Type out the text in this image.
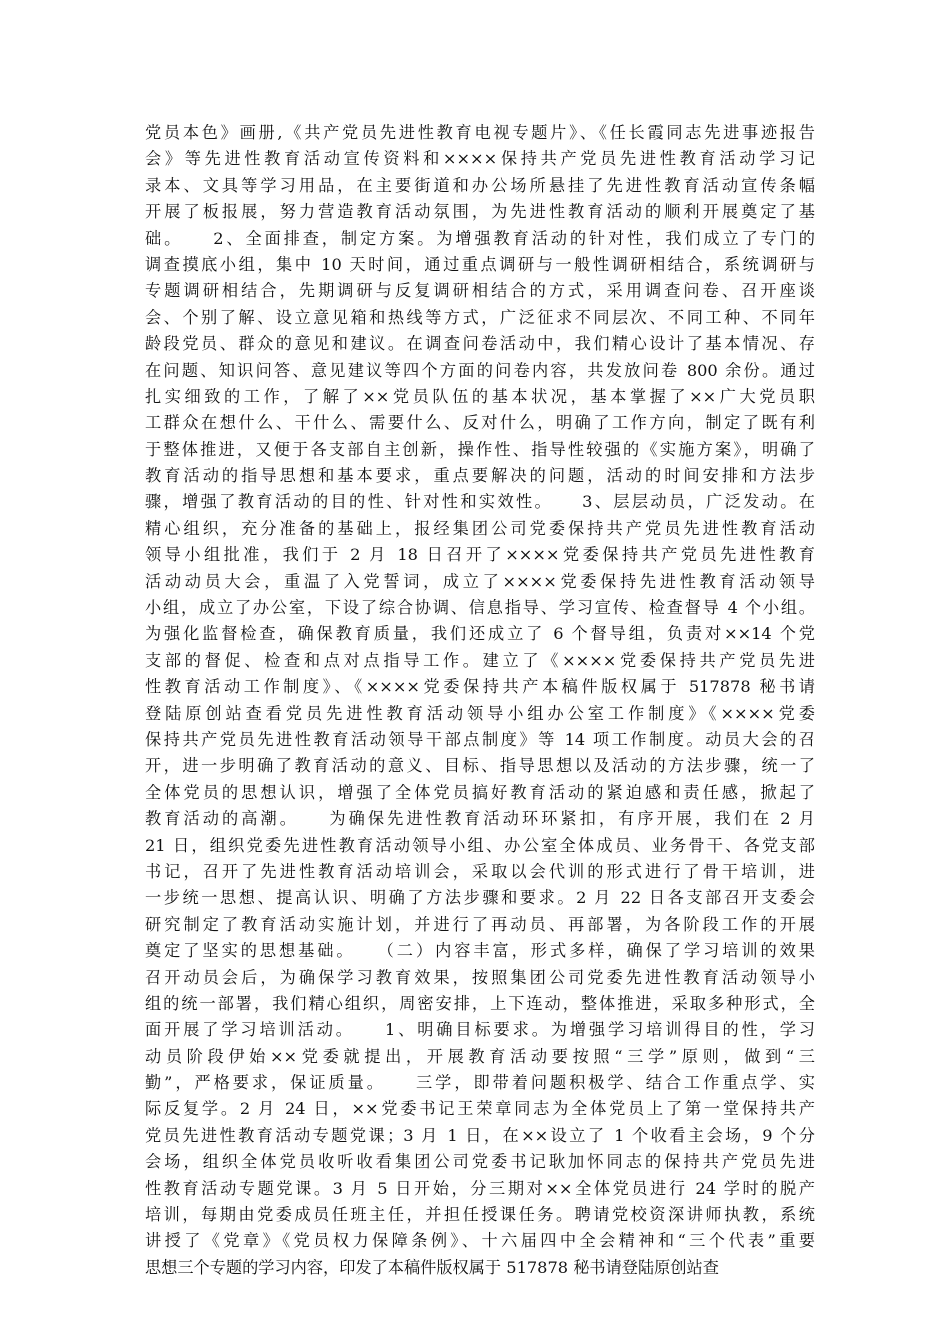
党员本色》画册,《共产党员先进性教育电视专题片》、《任长霞同志先进事迹报告
会》等先进性教育活动宣传资料和××××保持共产党员先进性教育活动学习记
录本、文具等学习用品，在主要街道和办公场所悬挂了先进性教育活动宣传条幅
开展了板报展，努力营造教育活动氛围，为先进性教育活动的顺利开展奠定了基
础。　　2、全面排查，制定方案。为增强教育活动的针对性，我们成立了专门的
调查摸底小组，集中 10 天时间，通过重点调研与一般性调研相结合，系统调研与
专题调研相结合，先期调研与反复调研相结合的方式，采用调查问卷、召开座谈
会、个别了解、设立意见箱和热线等方式，广泛征求不同层次、不同工种、不同年
龄段党员、群众的意见和建议。在调查问卷活动中，我们精心设计了基本情况、存
在问题、知识问答、意见建议等四个方面的问卷内容，共发放问卷 800 余份。通过
扎实细致的工作，了解了××党员队伍的基本状况，基本掌握了××广大党员职
工群众在想什么、干什么、需要什么、反对什么，明确了工作方向，制定了既有利
于整体推进，又便于各支部自主创新，操作性、指导性较强的《实施方案》，明确了
教育活动的指导思想和基本要求，重点要解决的问题，活动的时间安排和方法步
骤，增强了教育活动的目的性、针对性和实效性。　　3、层层动员，广泛发动。在
精心组织，充分准备的基础上，报经集团公司党委保持共产党员先进性教育活动
领导小组批准，我们于 2 月 18 日召开了××××党委保持共产党员先进性教育
活动动员大会，重温了入党誓词，成立了××××党委保持先进性教育活动领导
小组，成立了办公室，下设了综合协调、信息指导、学习宣传、检查督导 4 个小组。
为强化监督检查，确保教育质量，我们还成立了 6 个督导组，负责对××14 个党
支部的督促、检查和点对点指导工作。建立了《××××党委保持共产党员先进
性教育活动工作制度》、《××××党委保持共产本稿件版权属于 517878 秘书请
登陆原创站查看党员先进性教育活动领导小组办公室工作制度》《××××党委
保持共产党员先进性教育活动领导干部点制度》等 14 项工作制度。动员大会的召
开，进一步明确了教育活动的意义、目标、指导思想以及活动的方法步骤，统一了
全体党员的思想认识，增强了全体党员搞好教育活动的紧迫感和责任感，掀起了
教育活动的高潮。　　为确保先进性教育活动环环紧扣，有序开展，我们在 2 月
21 日，组织党委先进性教育活动领导小组、办公室全体成员、业务骨干、各党支部
书记，召开了先进性教育活动培训会，采取以会代训的形式进行了骨干培训，进
一步统一思想、提高认识、明确了方法步骤和要求。2 月 22 日各支部召开支委会
研究制定了教育活动实施计划，并进行了再动员、再部署，为各阶段工作的开展
奠定了坚实的思想基础。　　（二）内容丰富，形式多样，确保了学习培训的效果
召开动员会后，为确保学习教育效果，按照集团公司党委先进性教育活动领导小
组的统一部署，我们精心组织，周密安排，上下连动，整体推进，采取多种形式，全
面开展了学习培训活动。　　1、明确目标要求。为增强学习培训得目的性，学习
动员阶段伊始××党委就提出，开展教育活动要按照“三学”原则，做到“三
勤”，严格要求，保证质量。　　三学，即带着问题积极学、结合工作重点学、实
际反复学。2 月 24 日，××党委书记王荣章同志为全体党员上了第一堂保持共产
党员先进性教育活动专题党课；3 月 1 日，在××设立了 1 个收看主会场，9 个分
会场，组织全体党员收听收看集团公司党委书记耿加怀同志的保持共产党员先进
性教育活动专题党课。3 月 5 日开始，分三期对××全体党员进行 24 学时的脱产
培训，每期由党委成员任班主任，并担任授课任务。聘请党校资深讲师执教，系统
讲授了《党章》《党员权力保障条例》、十六届四中全会精神和“三个代表”重要
思想三个专题的学习内容，印发了本稿件版权属于 517878 秘书请登陆原创站查
